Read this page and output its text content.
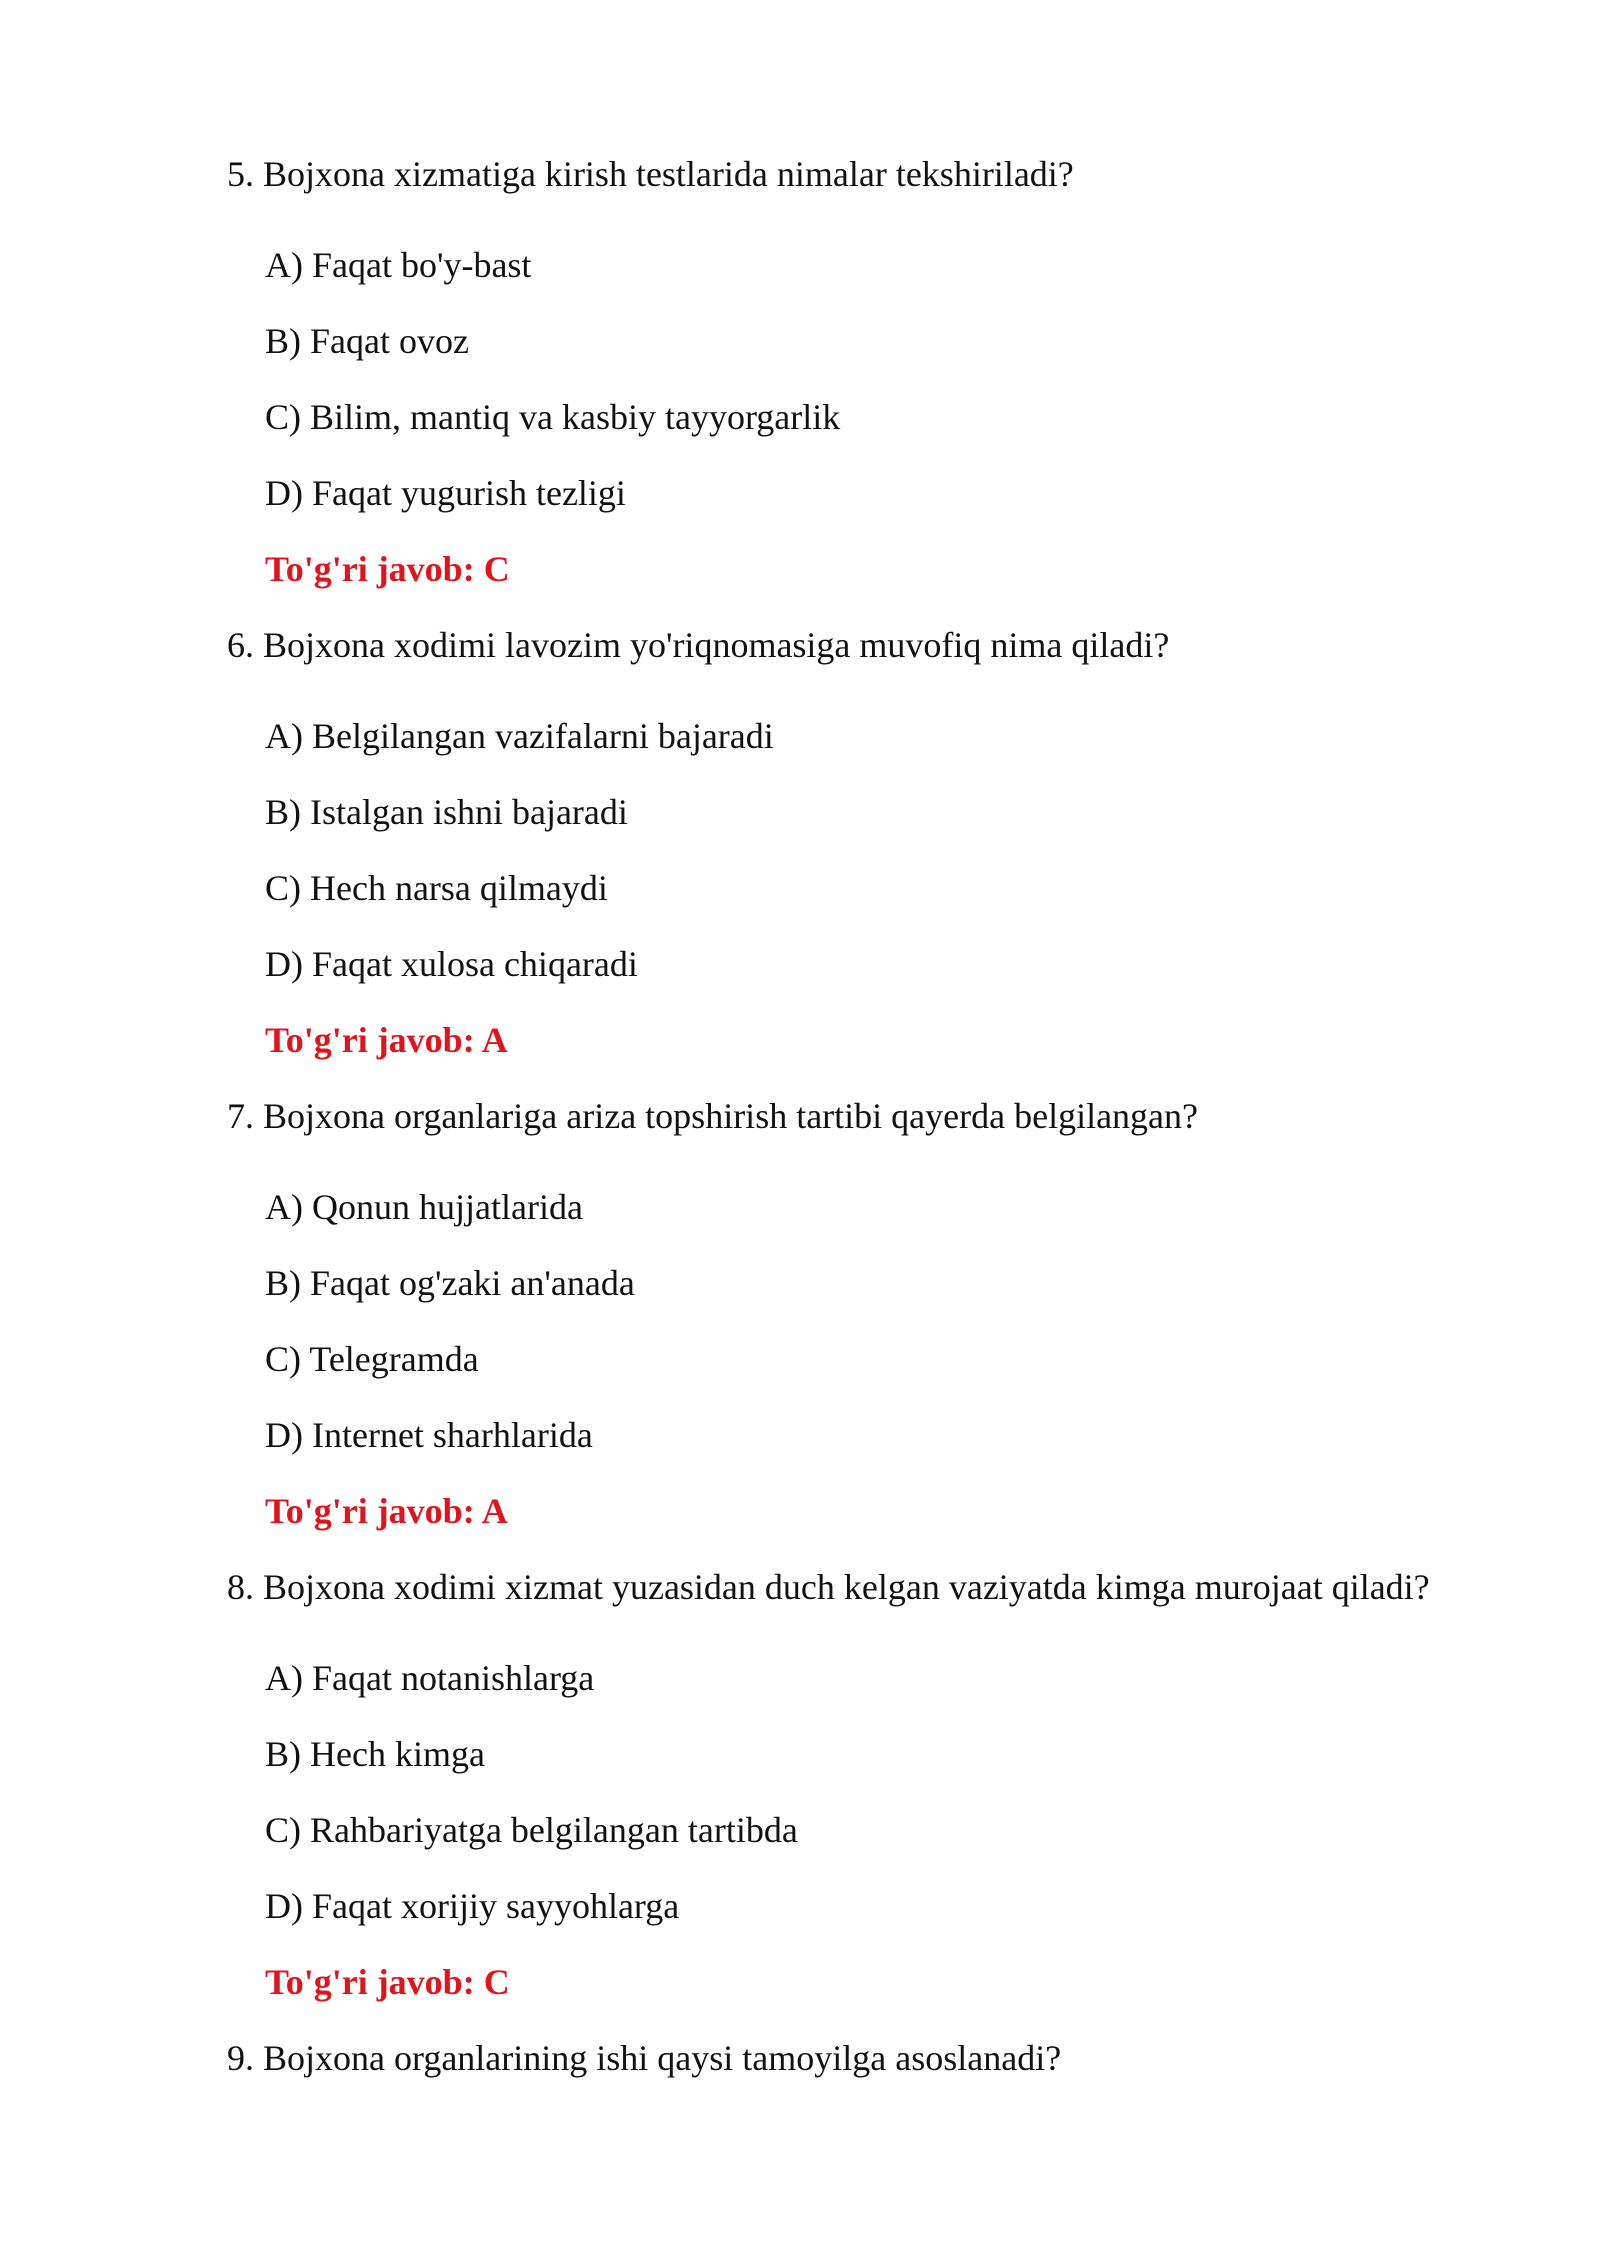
5. Bojxona xizmatiga kirish testlarida nimalar tekshiriladi?
A) Faqat bo'y-bast
B) Faqat ovoz
C) Bilim, mantiq va kasbiy tayyorgarlik
D) Faqat yugurish tezligi
To'g'ri javob: C
6. Bojxona xodimi lavozim yo'riqnomasiga muvofiq nima qiladi?
A) Belgilangan vazifalarni bajaradi
B) Istalgan ishni bajaradi
C) Hech narsa qilmaydi
D) Faqat xulosa chiqaradi
To'g'ri javob: A
7. Bojxona organlariga ariza topshirish tartibi qayerda belgilangan?
A) Qonun hujjatlarida
B) Faqat og'zaki an'anada
C) Telegramda
D) Internet sharhlarida
To'g'ri javob: A
8. Bojxona xodimi xizmat yuzasidan duch kelgan vaziyatda kimga murojaat qiladi?
A) Faqat notanishlarga
B) Hech kimga
C) Rahbariyatga belgilangan tartibda
D) Faqat xorijiy sayyohlarga
To'g'ri javob: C
9. Bojxona organlarining ishi qaysi tamoyilga asoslanadi?
